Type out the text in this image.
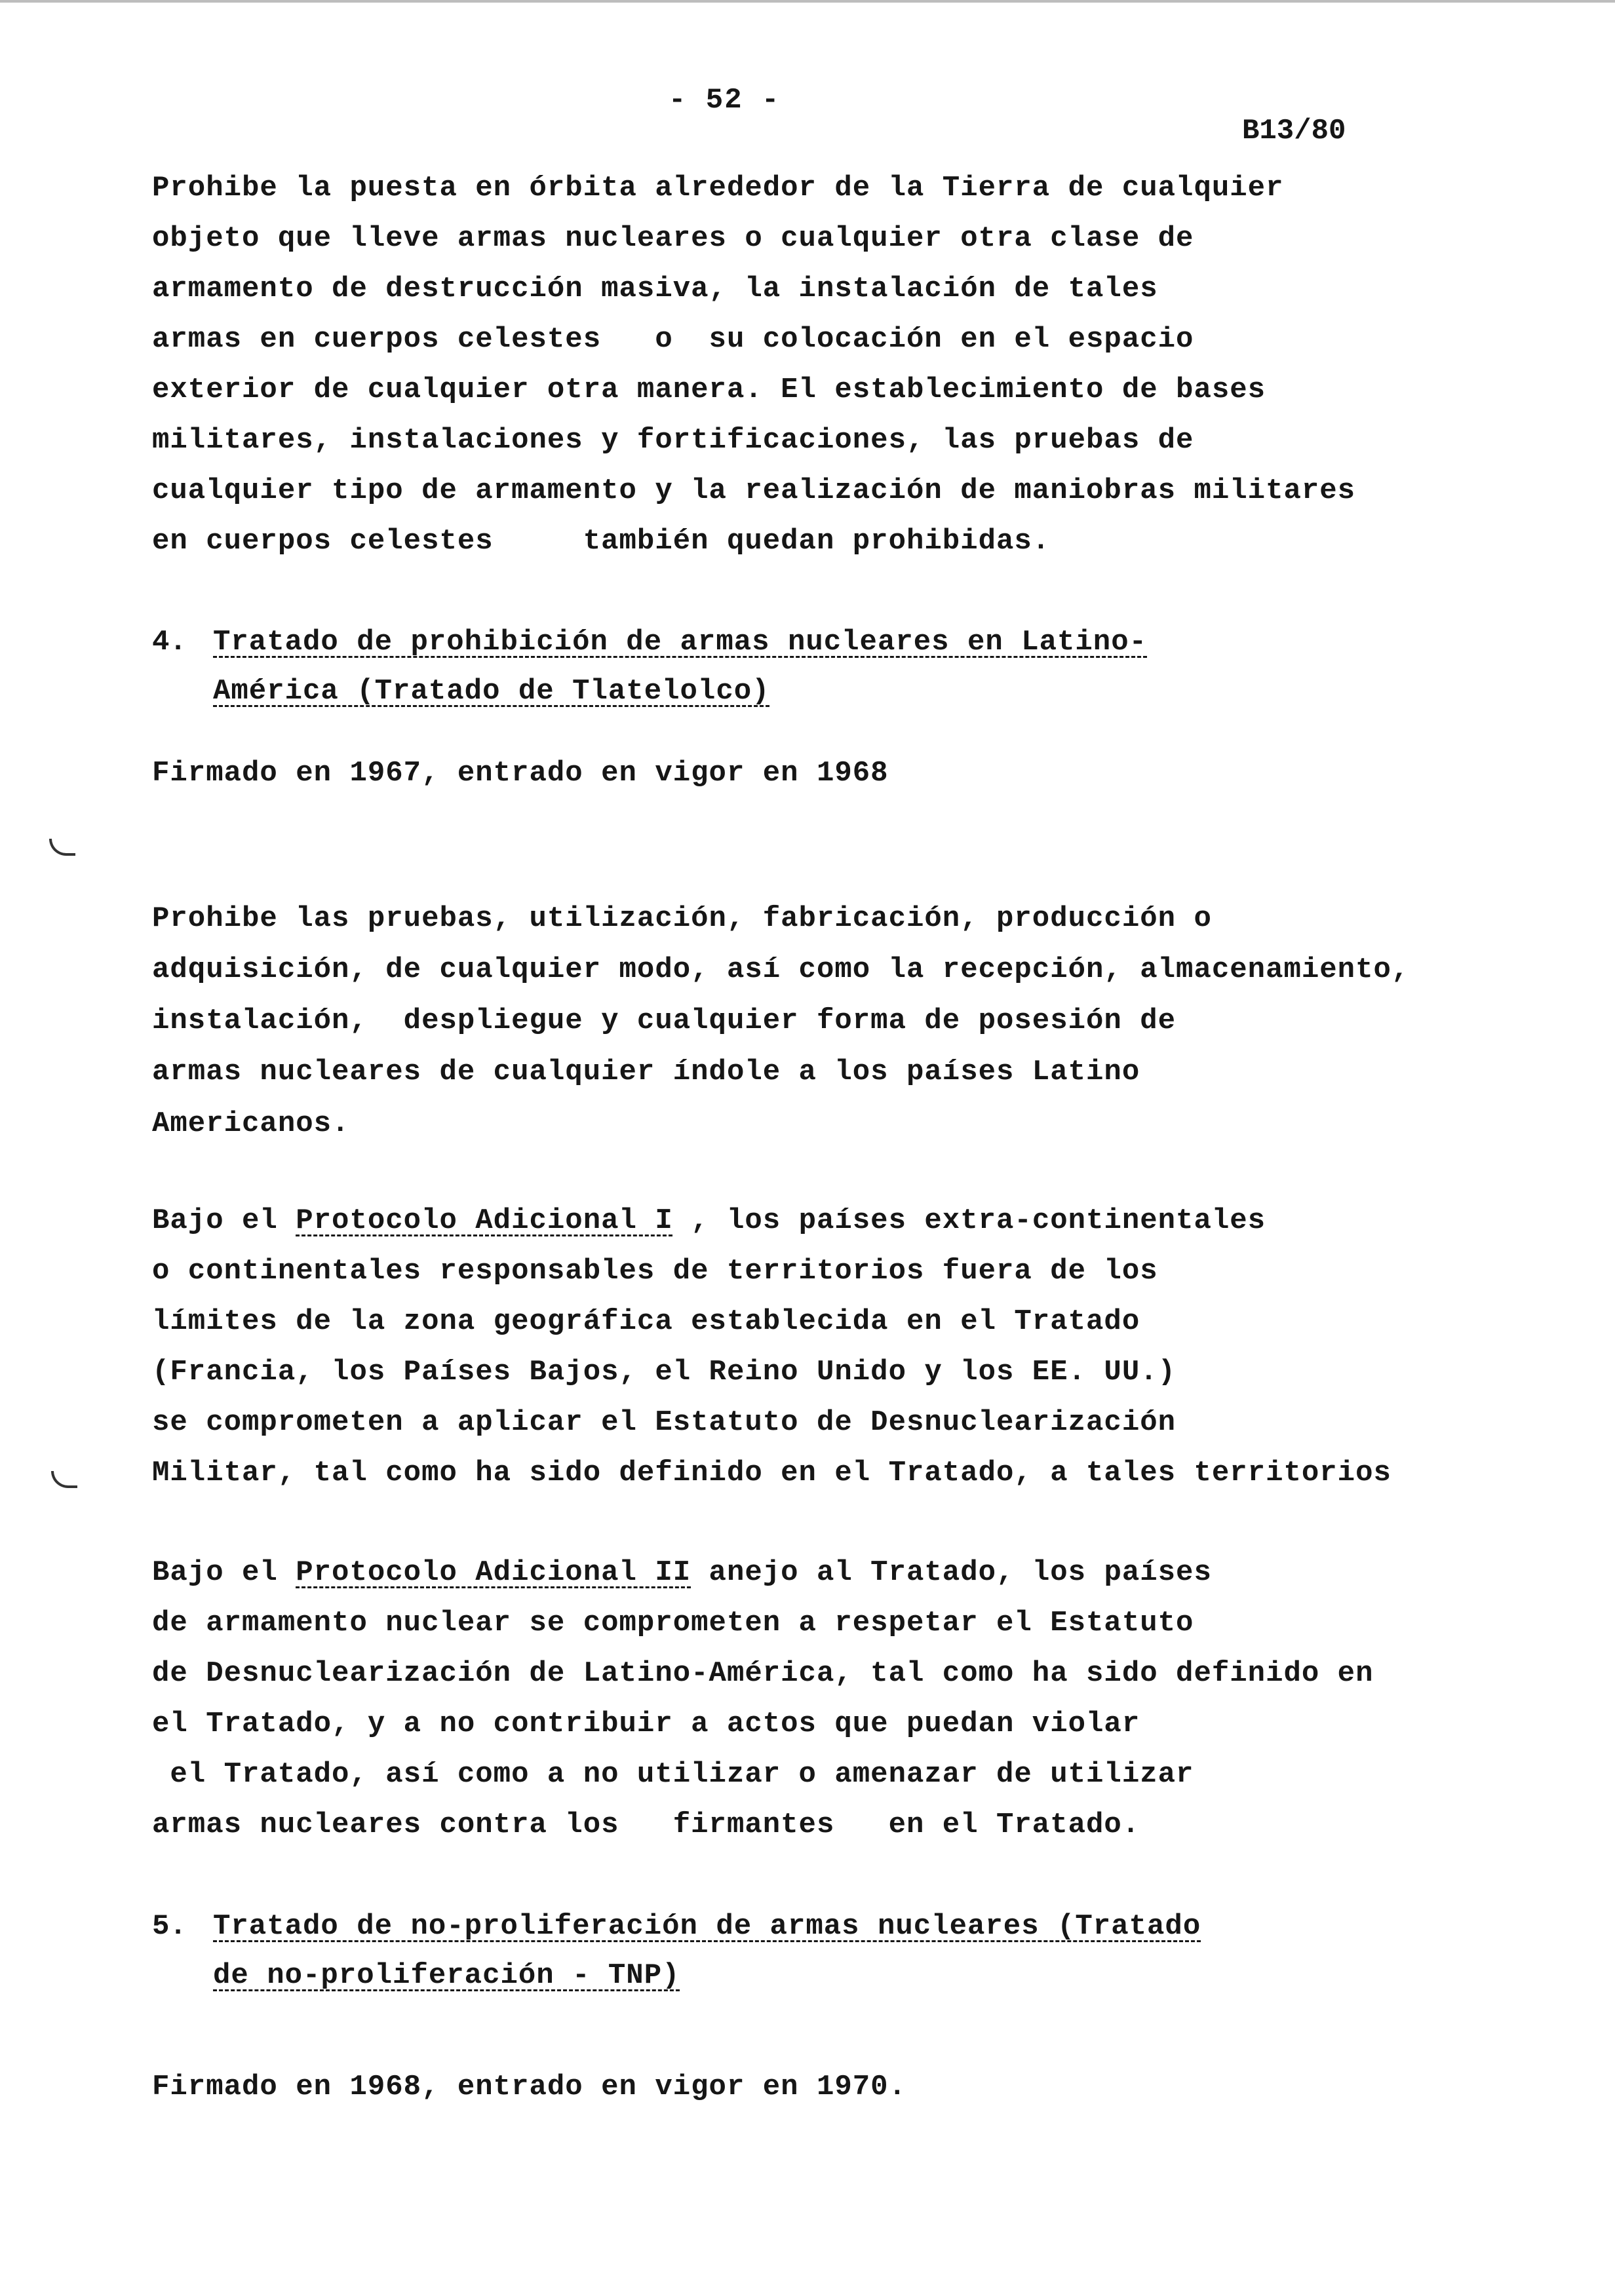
- 52 -
B13/80
Prohibe la puesta en órbita alrededor de la Tierra de cualquier
objeto que lleve armas nucleares o cualquier otra clase de
armamento de destrucción masiva, la instalación de tales
armas en cuerpos celestes   o  su colocación en el espacio
exterior de cualquier otra manera. El establecimiento de bases
militares, instalaciones y fortificaciones, las pruebas de
cualquier tipo de armamento y la realización de maniobras militares
en cuerpos celestes     también quedan prohibidas.
4. Tratado de prohibición de armas nucleares en Latino-
América (Tratado de Tlatelolco)
Firmado en 1967, entrado en vigor en 1968
Prohibe las pruebas, utilización, fabricación, producción o
adquisición, de cualquier modo, así como la recepción, almacenamiento,
instalación,  despliegue y cualquier forma de posesión de
armas nucleares de cualquier índole a los países Latino
Americanos.
Bajo el Protocolo Adicional I , los países extra-continentales
o continentales responsables de territorios fuera de los
límites de la zona geográfica establecida en el Tratado
(Francia, los Países Bajos, el Reino Unido y los EE. UU.)
se comprometen a aplicar el Estatuto de Desnuclearización
Militar, tal como ha sido definido en el Tratado, a tales territorios
Bajo el Protocolo Adicional II anejo al Tratado, los países
de armamento nuclear se comprometen a respetar el Estatuto
de Desnuclearización de Latino-América, tal como ha sido definido en
el Tratado, y a no contribuir a actos que puedan violar
el Tratado, así como a no utilizar o amenazar de utilizar
armas nucleares contra los   firmantes   en el Tratado.
5. Tratado de no-proliferación de armas nucleares (Tratado
de no-proliferación - TNP)
Firmado en 1968, entrado en vigor en 1970.
